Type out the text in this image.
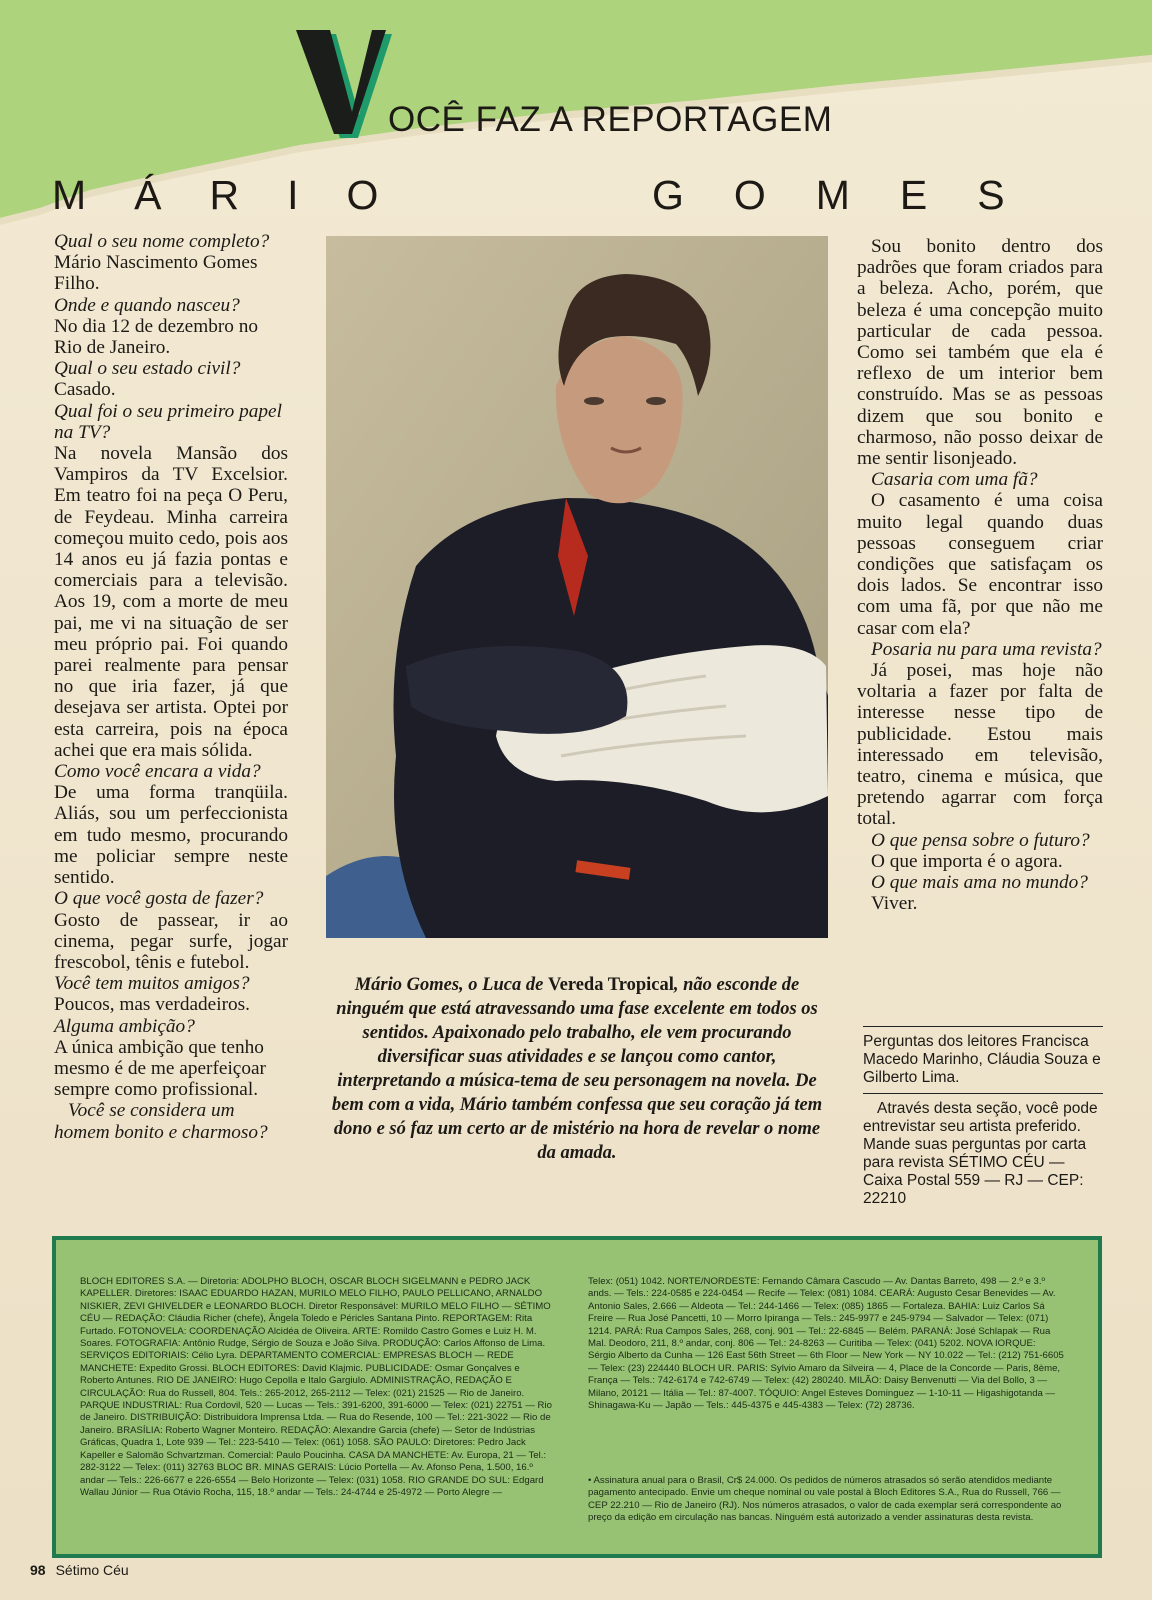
V
OCÊ FAZ A REPORTAGEM
MÁRIO	GOMES

Qual o seu nome completo?

Mário Nascimento Gomes Filho.

Onde e quando nasceu?

No dia 12 de dezembro no Rio de Janeiro.

Qual o seu estado civil?

Casado.

Qual foi o seu primeiro papel na TV?

Na novela Mansão dos Vampiros da TV Excelsior. Em teatro foi na peça O Peru, de Feydeau. Minha carreira começou muito cedo, pois aos 14 anos eu já fazia pontas e comerciais para a televisão. Aos 19, com a morte de meu pai, me vi na situação de ser meu próprio pai. Foi quando parei realmente para pensar no que iria fazer, já que desejava ser artista. Optei por esta carreira, pois na época achei que era mais sólida.

Como você encara a vida?

De uma forma tranqüila. Aliás, sou um perfeccionista em tudo mesmo, procurando me policiar sempre neste sentido.

O que você gosta de fazer?

Gosto de passear, ir ao cinema, pegar surfe, jogar frescobol, tênis e futebol.

Você tem muitos amigos?

Poucos, mas verdadeiros.

Alguma ambição?

A única ambição que tenho mesmo é de me aperfeiçoar sempre como profissional.

Você se considera um homem bonito e charmoso?

Mário Gomes, o Luca de Vereda Tropical, não esconde de ninguém que está atravessando uma fase excelente em todos os sentidos. Apaixonado pelo trabalho, ele vem procurando diversificar suas atividades e se lançou como cantor, interpretando a música-tema de seu personagem na novela. De bem com a vida, Mário também confessa que seu coração já tem dono e só faz um certo ar de mistério na hora de revelar o nome da amada.

Sou bonito dentro dos padrões que foram criados para a beleza. Acho, porém, que beleza é uma concepção muito particular de cada pessoa. Como sei também que ela é reflexo de um interior bem construído. Mas se as pessoas dizem que sou bonito e charmoso, não posso deixar de me sentir lisonjeado.

Casaria com uma fã?

O casamento é uma coisa muito legal quando duas pessoas conseguem criar condições que satisfaçam os dois lados. Se encontrar isso com uma fã, por que não me casar com ela?

Posaria nu para uma revista?

Já posei, mas hoje não voltaria a fazer por falta de interesse nesse tipo de publicidade. Estou mais interessado em televisão, teatro, cinema e música, que pretendo agarrar com força total.

O que pensa sobre o futuro?

O que importa é o agora.

O que mais ama no mundo?

Viver.

Perguntas dos leitores Francisca Macedo Marinho, Cláudia Souza e Gilberto Lima.
Através desta seção, você pode entrevistar seu artista preferido. Mande suas perguntas por carta para revista SÉTIMO CÉU — Caixa Postal 559 — RJ — CEP: 22210
BLOCH EDITORES S.A. — Diretoria: ADOLPHO BLOCH, OSCAR BLOCH SIGELMANN e PEDRO JACK KAPELLER. Diretores: ISAAC EDUARDO HAZAN, MURILO MELO FILHO, PAULO PELLICANO, ARNALDO NISKIER, ZEVI GHIVELDER e LEONARDO BLOCH. Diretor Responsável: MURILO MELO FILHO — SÉTIMO CÉU — REDAÇÃO: Cláudia Richer (chefe), Ângela Toledo e Péricles Santana Pinto. REPORTAGEM: Rita Furtado. FOTONOVELA: COORDENAÇÃO Alcidéa de Oliveira. ARTE: Romildo Castro Gomes e Luiz H. M. Soares. FOTOGRAFIA: Antônio Rudge, Sérgio de Souza e João Silva. PRODUÇÃO: Carlos Affonso de Lima. SERVIÇOS EDITORIAIS: Célio Lyra. DEPARTAMENTO COMERCIAL: EMPRESAS BLOCH — REDE MANCHETE: Expedito Grossi. BLOCH EDITORES: David Klajmic. PUBLICIDADE: Osmar Gonçalves e Roberto Antunes. RIO DE JANEIRO: Hugo Cepolla e Italo Gargiulo. ADMINISTRAÇÃO, REDAÇÃO E CIRCULAÇÃO: Rua do Russell, 804. Tels.: 265-2012, 265-2112 — Telex: (021) 21525 — Rio de Janeiro. PARQUE INDUSTRIAL: Rua Cordovil, 520 — Lucas — Tels.: 391-6200, 391-6000 — Telex: (021) 22751 — Rio de Janeiro. DISTRIBUIÇÃO: Distribuidora Imprensa Ltda. — Rua do Resende, 100 — Tel.: 221-3022 — Rio de Janeiro. BRASÍLIA: Roberto Wagner Monteiro. REDAÇÃO: Alexandre Garcia (chefe) — Setor de Indústrias Gráficas, Quadra 1, Lote 939 — Tel.: 223-5410 — Telex: (061) 1058. SÃO PAULO: Diretores: Pedro Jack Kapeller e Salomão Schvartzman. Comercial: Paulo Poucinha. CASA DA MANCHETE: Av. Europa, 21 — Tel.: 282-3122 — Telex: (011) 32763 BLOC BR. MINAS GERAIS: Lúcio Portella — Av. Afonso Pena, 1.500, 16.º andar — Tels.: 226-6677 e 226-6554 — Belo Horizonte — Telex: (031) 1058. RIO GRANDE DO SUL: Edgard Wallau Júnior — Rua Otávio Rocha, 115, 18.º andar — Tels.: 24-4744 e 25-4972 — Porto Alegre —
Telex: (051) 1042. NORTE/NORDESTE: Fernando Câmara Cascudo — Av. Dantas Barreto, 498 — 2.º e 3.º ands. — Tels.: 224-0585 e 224-0454 — Recife — Telex: (081) 1084. CEARÁ: Augusto Cesar Benevides — Av. Antonio Sales, 2.666 — Aldeota — Tel.: 244-1466 — Telex: (085) 1865 — Fortaleza. BAHIA: Luiz Carlos Sá Freire — Rua José Pancetti, 10 — Morro Ipiranga — Tels.: 245-9977 e 245-9794 — Salvador — Telex: (071) 1214. PARÁ: Rua Campos Sales, 268, conj. 901 — Tel.: 22-6845 — Belém. PARANÁ: José Schlapak — Rua Mal. Deodoro, 211, 8.º andar, conj. 806 — Tel.: 24-8263 — Curitiba — Telex: (041) 5202. NOVA IORQUE: Sérgio Alberto da Cunha — 126 East 56th Street — 6th Floor — New York — NY 10.022 — Tel.: (212) 751-6605 — Telex: (23) 224440 BLOCH UR. PARIS: Sylvio Amaro da Silveira — 4, Place de la Concorde — Paris, 8ème, França — Tels.: 742-6174 e 742-6749 — Telex: (42) 280240. MILÃO: Daisy Benvenutti — Via del Bollo, 3 — Milano, 20121 — Itália — Tel.: 87-4007. TÓQUIO: Angel Esteves Dominguez — 1-10-11 — Higashigotanda — Shinagawa-Ku — Japão — Tels.: 445-4375 e 445-4383 — Telex: (72) 28736.
• Assinatura anual para o Brasil, Cr$ 24.000. Os pedidos de números atrasados só serão atendidos mediante pagamento antecipado. Envie um cheque nominal ou vale postal à Bloch Editores S.A., Rua do Russell, 766 — CEP 22.210 — Rio de Janeiro (RJ). Nos números atrasados, o valor de cada exemplar será correspondente ao preço da edição em circulação nas bancas. Ninguém está autorizado a vender assinaturas desta revista.
98 Sétimo Céu
